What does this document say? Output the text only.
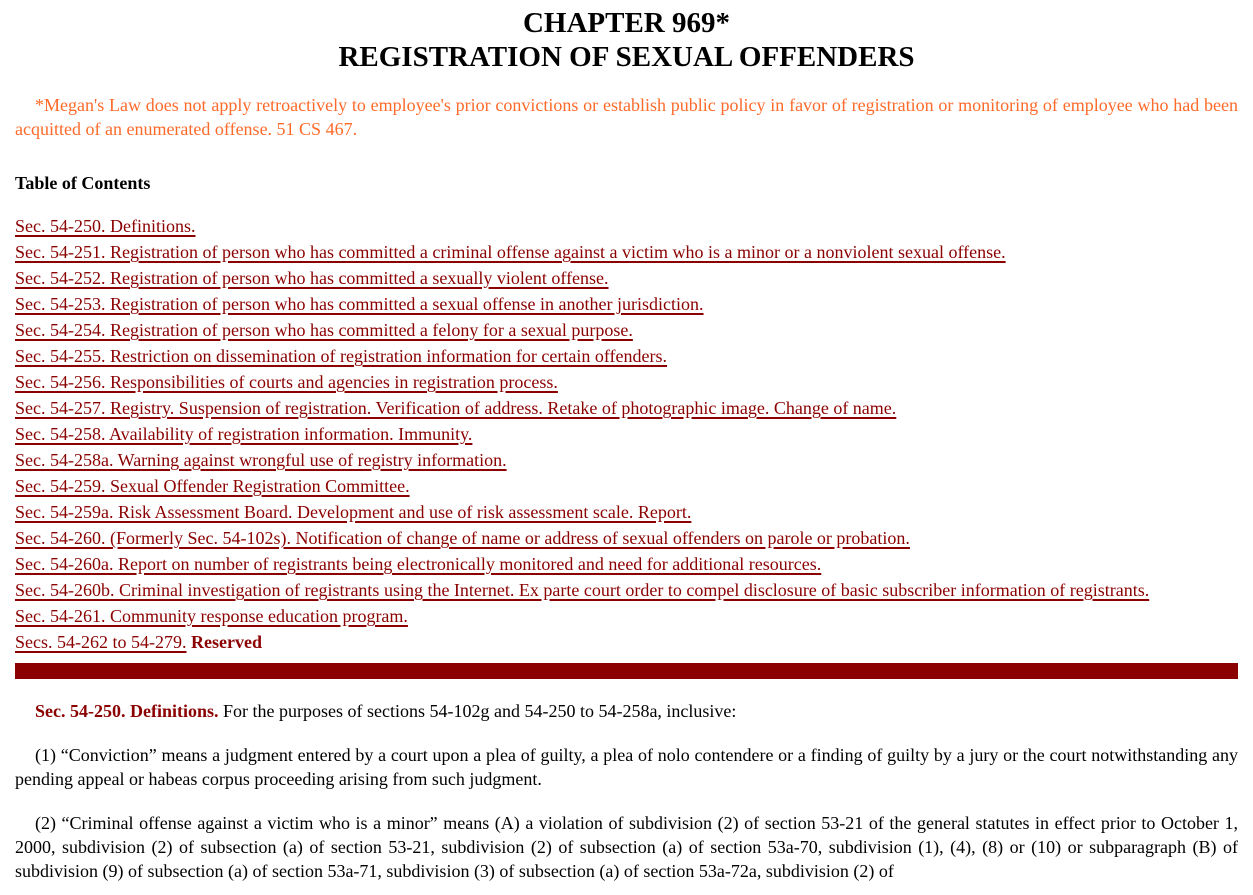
CHAPTER 969*
REGISTRATION OF SEXUAL OFFENDERS

*Megan's Law does not apply retroactively to employee's prior convictions or establish public policy in favor of registration or monitoring of employee who had been acquitted of an enumerated offense. 51 CS 467.

Table of Contents

Sec. 54-250. Definitions.
Sec. 54-251. Registration of person who has committed a criminal offense against a victim who is a minor or a nonviolent sexual offense.
Sec. 54-252. Registration of person who has committed a sexually violent offense.
Sec. 54-253. Registration of person who has committed a sexual offense in another jurisdiction.
Sec. 54-254. Registration of person who has committed a felony for a sexual purpose.
Sec. 54-255. Restriction on dissemination of registration information for certain offenders.
Sec. 54-256. Responsibilities of courts and agencies in registration process.
Sec. 54-257. Registry. Suspension of registration. Verification of address. Retake of photographic image. Change of name.
Sec. 54-258. Availability of registration information. Immunity.
Sec. 54-258a. Warning against wrongful use of registry information.
Sec. 54-259. Sexual Offender Registration Committee.
Sec. 54-259a. Risk Assessment Board. Development and use of risk assessment scale. Report.
Sec. 54-260. (Formerly Sec. 54-102s). Notification of change of name or address of sexual offenders on parole or probation.
Sec. 54-260a. Report on number of registrants being electronically monitored and need for additional resources.
Sec. 54-260b. Criminal investigation of registrants using the Internet. Ex parte court order to compel disclosure of basic subscriber information of registrants.
Sec. 54-261. Community response education program.
Secs. 54-262 to 54-279. Reserved

Sec. 54-250. Definitions. For the purposes of sections 54-102g and 54-250 to 54-258a, inclusive:

(1) “Conviction” means a judgment entered by a court upon a plea of guilty, a plea of nolo contendere or a finding of guilty by a jury or the court notwithstanding any pending appeal or habeas corpus proceeding arising from such judgment.

(2) “Criminal offense against a victim who is a minor” means (A) a violation of subdivision (2) of section 53-21 of the general statutes in effect prior to October 1, 2000, subdivision (2) of subsection (a) of section 53-21, subdivision (2) of subsection (a) of section 53a-70, subdivision (1), (4), (8) or (10) or subparagraph (B) of subdivision (9) of subsection (a) of section 53a-71, subdivision (3) of subsection (a) of section 53a-72a, subdivision (2) of
